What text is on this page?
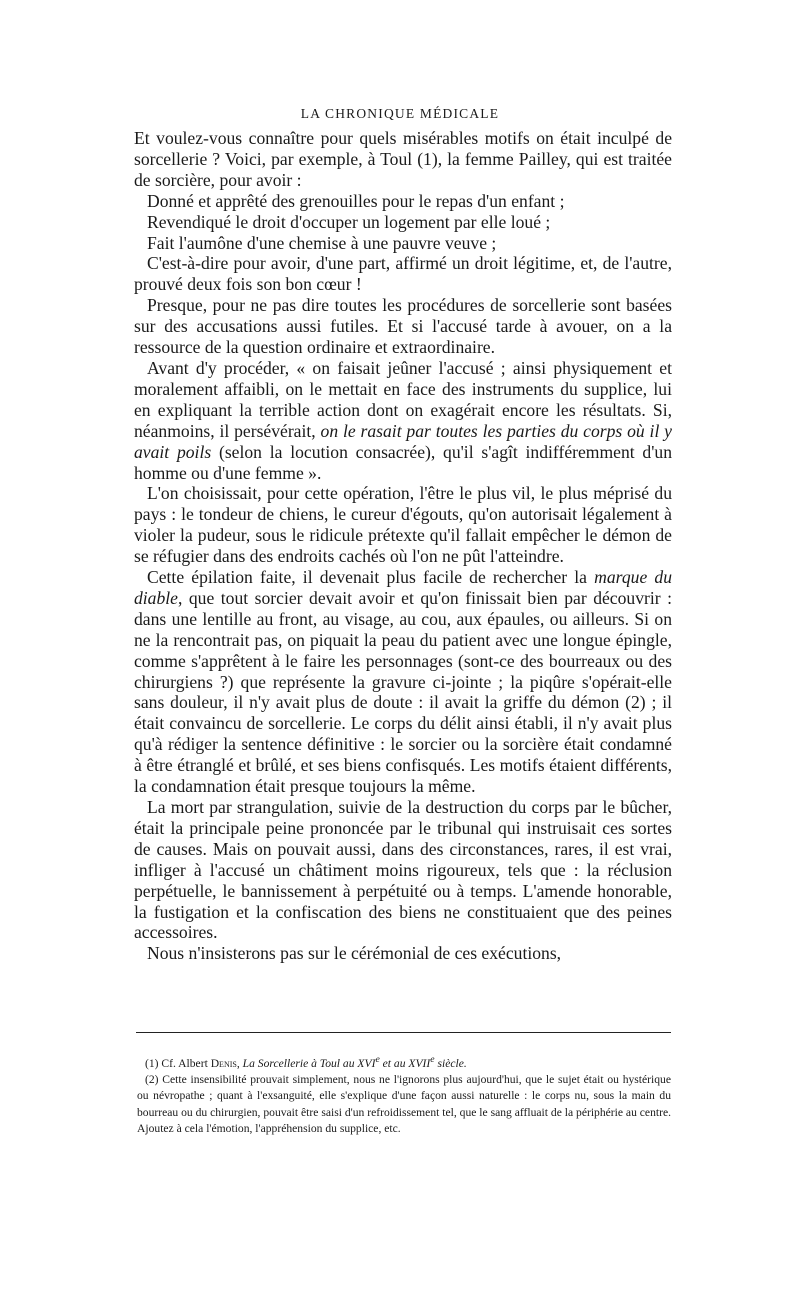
LA CHRONIQUE MÉDICALE

Et voulez-vous connaître pour quels misérables motifs on était inculpé de sorcellerie ? Voici, par exemple, à Toul (1), la femme Pailley, qui est traitée de sorcière, pour avoir :

Donné et apprêté des grenouilles pour le repas d'un enfant ;

Revendiqué le droit d'occuper un logement par elle loué ;

Fait l'aumône d'une chemise à une pauvre veuve ;

C'est-à-dire pour avoir, d'une part, affirmé un droit légitime, et, de l'autre, prouvé deux fois son bon cœur !

Presque, pour ne pas dire toutes les procédures de sorcellerie sont basées sur des accusations aussi futiles. Et si l'accusé tarde à avouer, on a la ressource de la question ordinaire et extraordinaire.

Avant d'y procéder, « on faisait jeûner l'accusé ; ainsi physiquement et moralement affaibli, on le mettait en face des instruments du supplice, lui en expliquant la terrible action dont on exagérait encore les résultats. Si, néanmoins, il persévérait, on le rasait par toutes les parties du corps où il y avait poils (selon la locution consacrée), qu'il s'agît indifféremment d'un homme ou d'une femme ».

L'on choisissait, pour cette opération, l'être le plus vil, le plus méprisé du pays : le tondeur de chiens, le cureur d'égouts, qu'on autorisait légalement à violer la pudeur, sous le ridicule prétexte qu'il fallait empêcher le démon de se réfugier dans des endroits cachés où l'on ne pût l'atteindre.

Cette épilation faite, il devenait plus facile de rechercher la marque du diable, que tout sorcier devait avoir et qu'on finissait bien par découvrir : dans une lentille au front, au visage, au cou, aux épaules, ou ailleurs. Si on ne la rencontrait pas, on piquait la peau du patient avec une longue épingle, comme s'apprêtent à le faire les personnages (sont-ce des bourreaux ou des chirurgiens ?) que représente la gravure ci-jointe ; la piqûre s'opérait-elle sans douleur, il n'y avait plus de doute : il avait la griffe du démon (2) ; il était convaincu de sorcellerie. Le corps du délit ainsi établi, il n'y avait plus qu'à rédiger la sentence définitive : le sorcier ou la sorcière était condamné à être étranglé et brûlé, et ses biens confisqués. Les motifs étaient différents, la condamnation était presque toujours la même.

La mort par strangulation, suivie de la destruction du corps par le bûcher, était la principale peine prononcée par le tribunal qui instruisait ces sortes de causes. Mais on pouvait aussi, dans des circonstances, rares, il est vrai, infliger à l'accusé un châtiment moins rigoureux, tels que : la réclusion perpétuelle, le bannissement à perpétuité ou à temps. L'amende honorable, la fustigation et la confiscation des biens ne constituaient que des peines accessoires.

Nous n'insisterons pas sur le cérémonial de ces exécutions,

(1) Cf. Albert Denis, La Sorcellerie à Toul au XVIe et au XVIIe siècle.

(2) Cette insensibilité prouvait simplement, nous ne l'ignorons plus aujourd'hui, que le sujet était ou hystérique ou névropathe ; quant à l'exsanguité, elle s'explique d'une façon aussi naturelle : le corps nu, sous la main du bourreau ou du chirurgien, pouvait être saisi d'un refroidissement tel, que le sang affluait de la périphérie au centre. Ajoutez à cela l'émotion, l'appréhension du supplice, etc.
